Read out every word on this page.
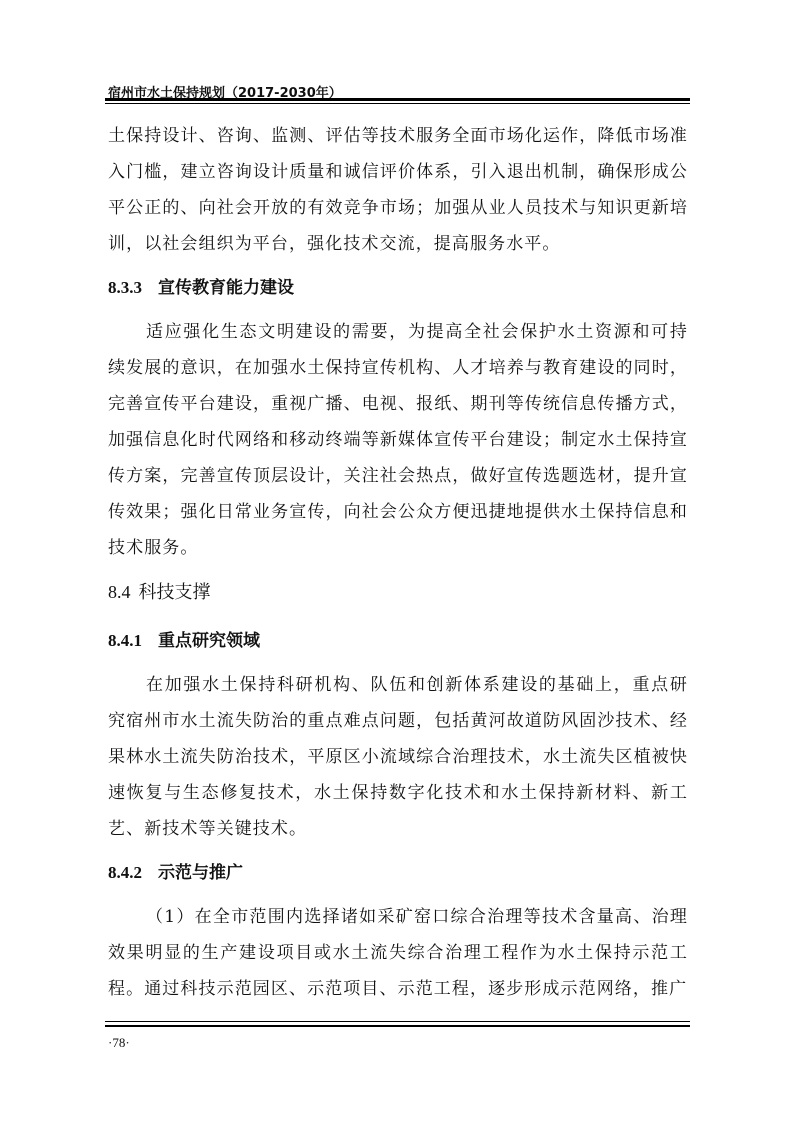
宿州市水土保持规划（2017-2030年）

土保持设计、咨询、监测、评估等技术服务全面市场化运作，降低市场准入门槛，建立咨询设计质量和诚信评价体系，引入退出机制，确保形成公平公正的、向社会开放的有效竞争市场；加强从业人员技术与知识更新培训，以社会组织为平台，强化技术交流，提高服务水平。

8.3.3 宣传教育能力建设

适应强化生态文明建设的需要，为提高全社会保护水土资源和可持续发展的意识，在加强水土保持宣传机构、人才培养与教育建设的同时，完善宣传平台建设，重视广播、电视、报纸、期刊等传统信息传播方式，加强信息化时代网络和移动终端等新媒体宣传平台建设；制定水土保持宣传方案，完善宣传顶层设计，关注社会热点，做好宣传选题选材，提升宣传效果；强化日常业务宣传，向社会公众方便迅捷地提供水土保持信息和技术服务。

8.4 科技支撑
8.4.1 重点研究领域

在加强水土保持科研机构、队伍和创新体系建设的基础上，重点研究宿州市水土流失防治的重点难点问题，包括黄河故道防风固沙技术、经果林水土流失防治技术，平原区小流域综合治理技术，水土流失区植被快速恢复与生态修复技术，水土保持数字化技术和水土保持新材料、新工艺、新技术等关键技术。

8.4.2 示范与推广

（1）在全市范围内选择诸如采矿窑口综合治理等技术含量高、治理效果明显的生产建设项目或水土流失综合治理工程作为水土保持示范工程。通过科技示范园区、示范项目、示范工程，逐步形成示范网络，推广

·78·
